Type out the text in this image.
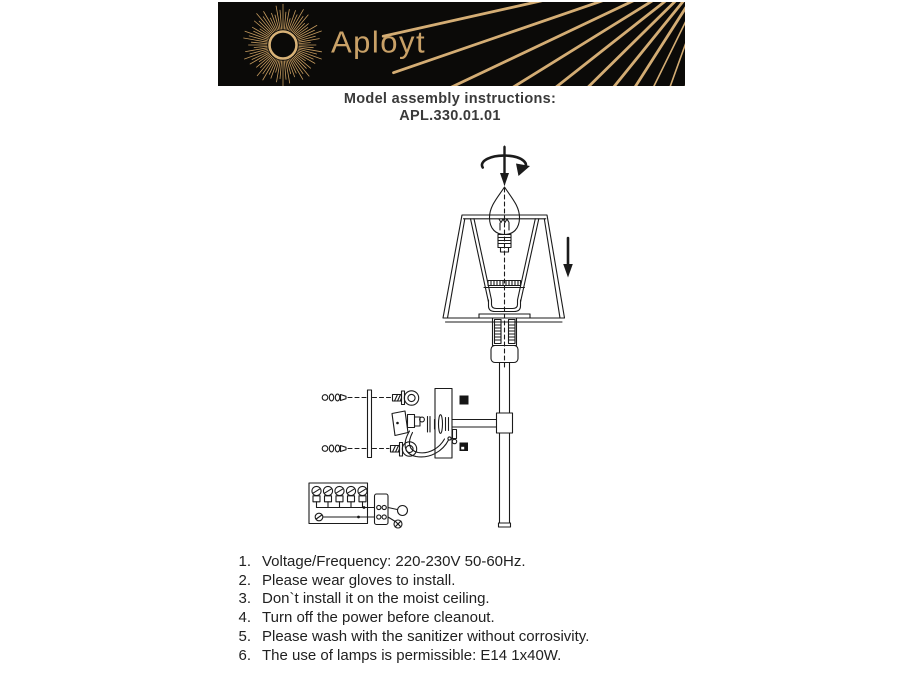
Aployt
Model assembly instructions:
APL.330.01.01
1. Voltage/Frequency: 220-230V 50-60Hz.
2. Please wear gloves to install.
3. Don`t install it on the moist ceiling.
4. Turn off the power before cleanout.
5. Please wash with the sanitizer without corrosivity.
6. The use of lamps is permissible: E14 1x40W.
